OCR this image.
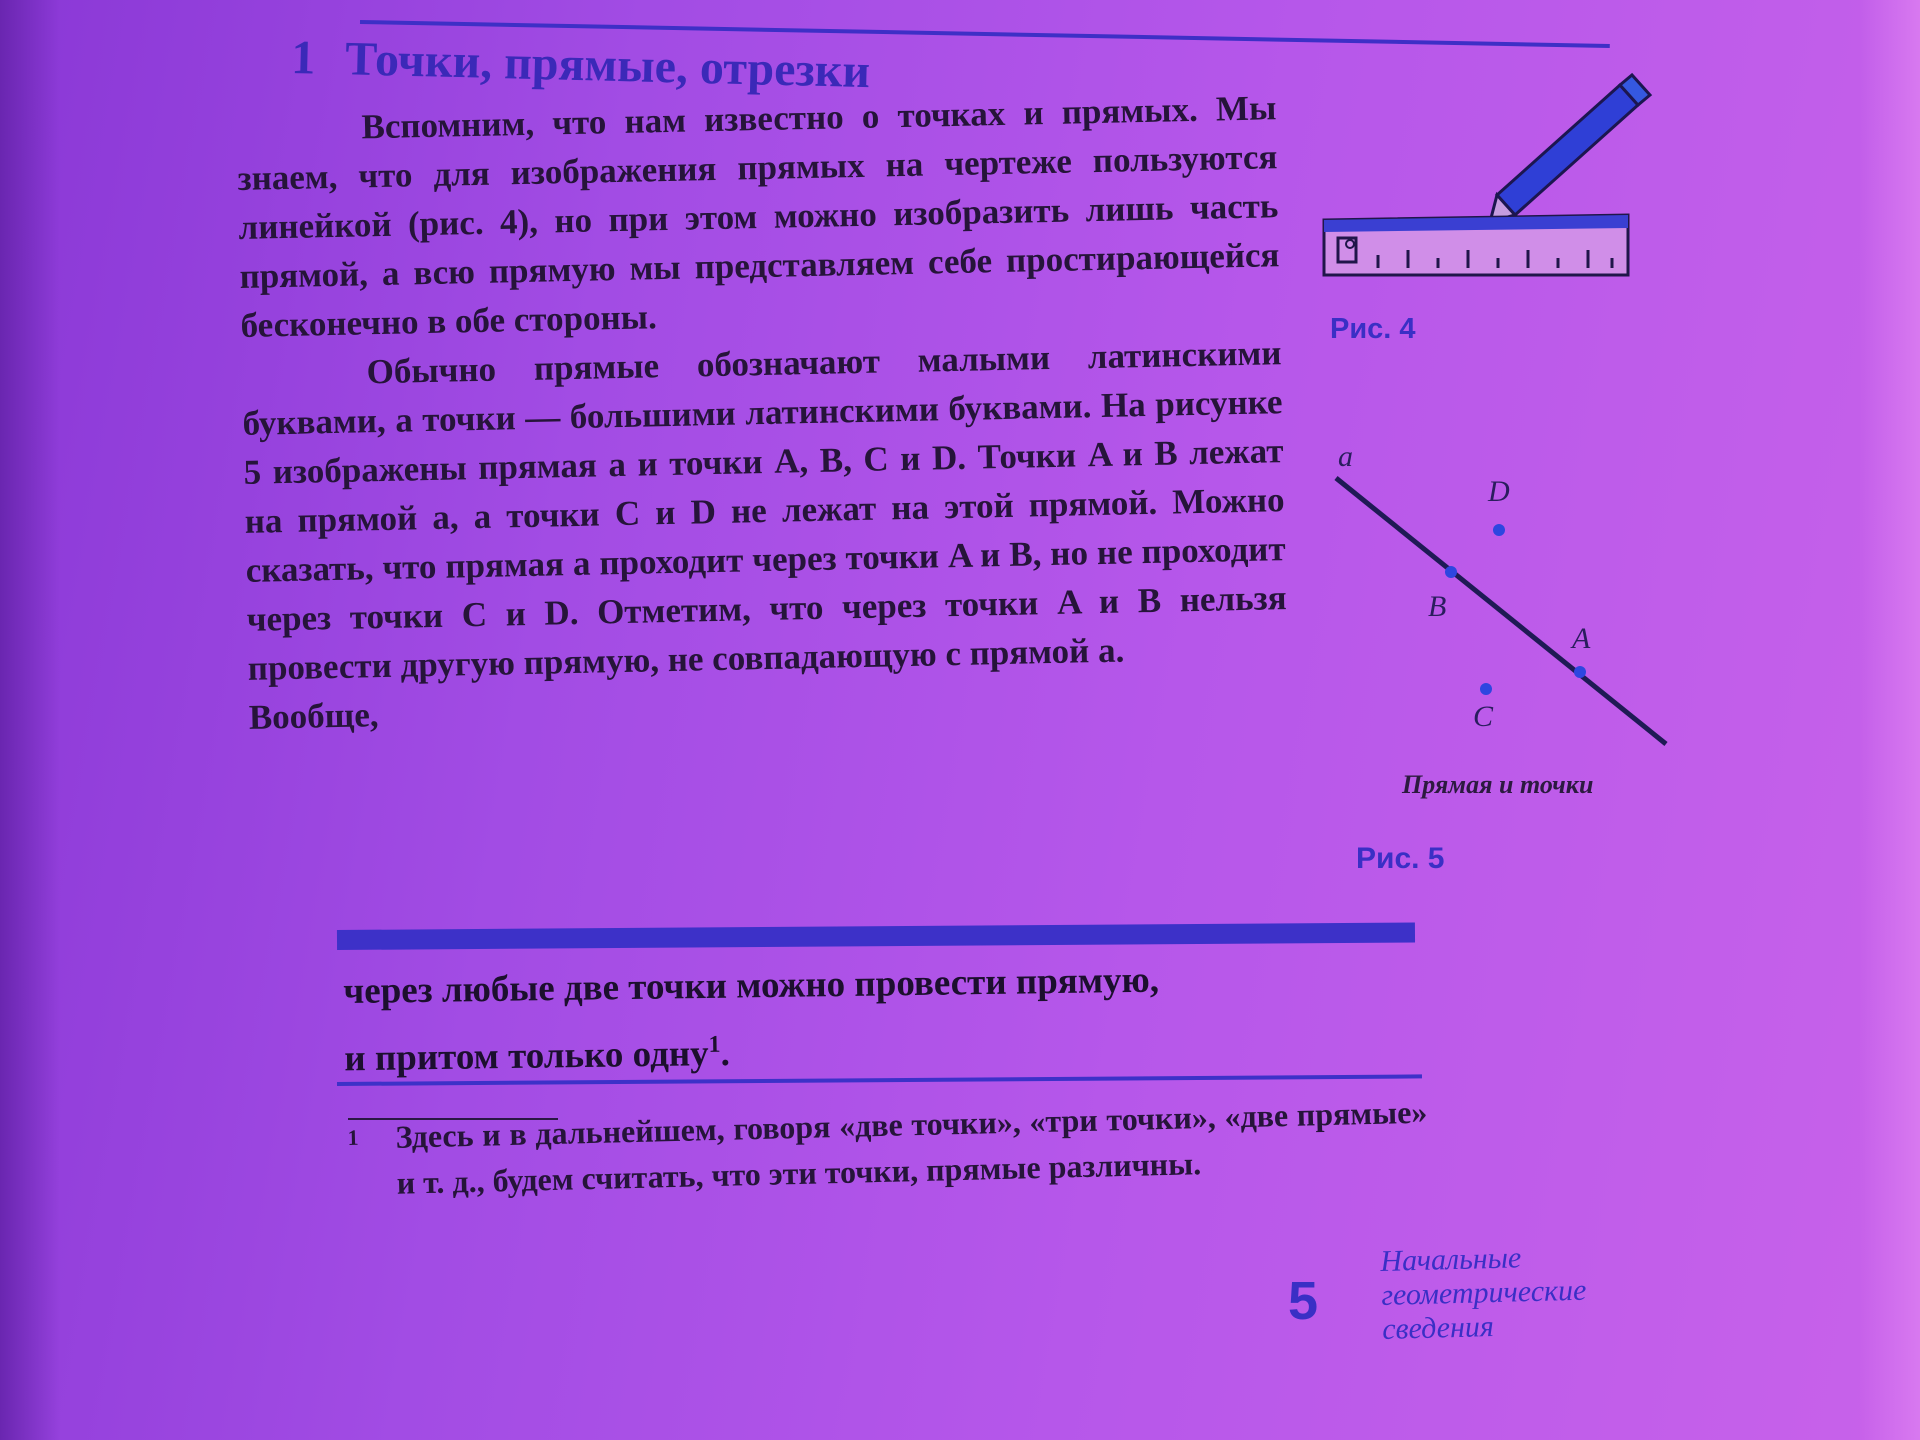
1 Точки, прямые, отрезки

Вспомним, что нам известно о точках и прямых. Мы знаем, что для изображения прямых на чертеже пользуются линейкой (рис. 4), но при этом можно изобразить лишь часть прямой, а всю прямую мы представляем себе простирающейся бесконечно в обе стороны.

Обычно прямые обозначают малыми латинскими буквами, а точки — большими латинскими буквами. На рисунке 5 изображены прямая a и точки A, B, C и D. Точки A и B лежат на прямой a, а точки C и D не лежат на этой прямой. Можно сказать, что прямая a проходит через точки A и B, но не проходит через точки C и D. Отметим, что через точки A и B нельзя провести другую прямую, не совпадающую с прямой a.

Вообще,

через любые две точки можно провести прямую,
и притом только одну$^1$.
1 Здесь и в дальнейшем, говоря «две точки», «три точки», «две прямые» и т. д., будем считать, что эти точки, прямые различны.
a
D
B
A
C
Рис. 4
Прямая и точки
Рис. 5
5
Начальные
геометрические
сведения
